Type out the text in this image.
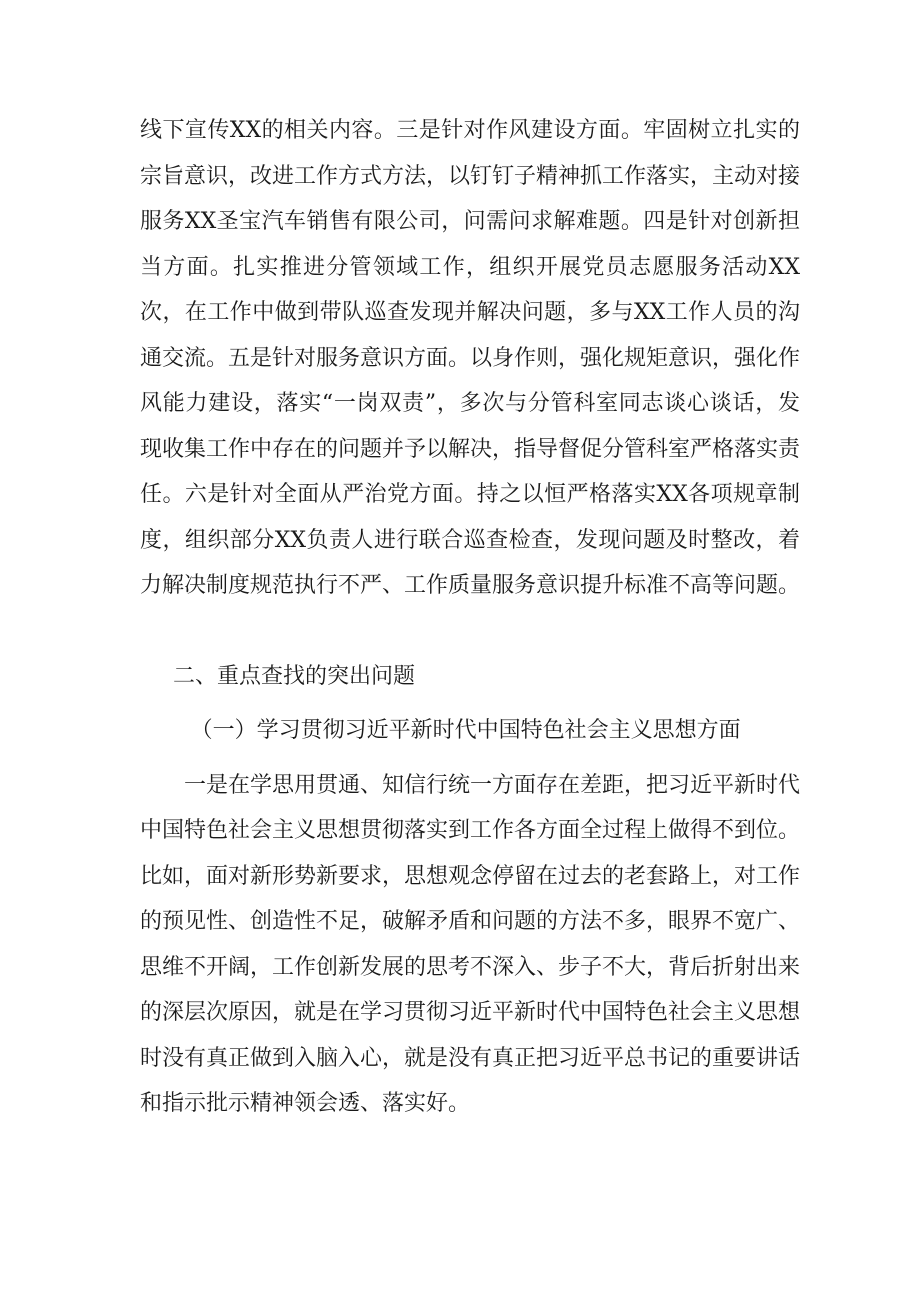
线下宣传XX的相关内容。三是针对作风建设方面。牢固树立扎实的宗旨意识，改进工作方式方法，以钉钉子精神抓工作落实，主动对接服务XX圣宝汽车销售有限公司，问需问求解难题。四是针对创新担当方面。扎实推进分管领域工作，组织开展党员志愿服务活动XX次，在工作中做到带队巡查发现并解决问题，多与XX工作人员的沟通交流。五是针对服务意识方面。以身作则，强化规矩意识，强化作风能力建设，落实“一岗双责”，多次与分管科室同志谈心谈话，发现收集工作中存在的问题并予以解决，指导督促分管科室严格落实责任。六是针对全面从严治党方面。持之以恒严格落实XX各项规章制度，组织部分XX负责人进行联合巡查检查，发现问题及时整改，着力解决制度规范执行不严、工作质量服务意识提升标准不高等问题。

二、重点查找的突出问题

（一）学习贯彻习近平新时代中国特色社会主义思想方面

一是在学思用贯通、知信行统一方面存在差距，把习近平新时代中国特色社会主义思想贯彻落实到工作各方面全过程上做得不到位。比如，面对新形势新要求，思想观念停留在过去的老套路上，对工作的预见性、创造性不足，破解矛盾和问题的方法不多，眼界不宽广、思维不开阔，工作创新发展的思考不深入、步子不大，背后折射出来的深层次原因，就是在学习贯彻习近平新时代中国特色社会主义思想时没有真正做到入脑入心，就是没有真正把习近平总书记的重要讲话和指示批示精神领会透、落实好。
